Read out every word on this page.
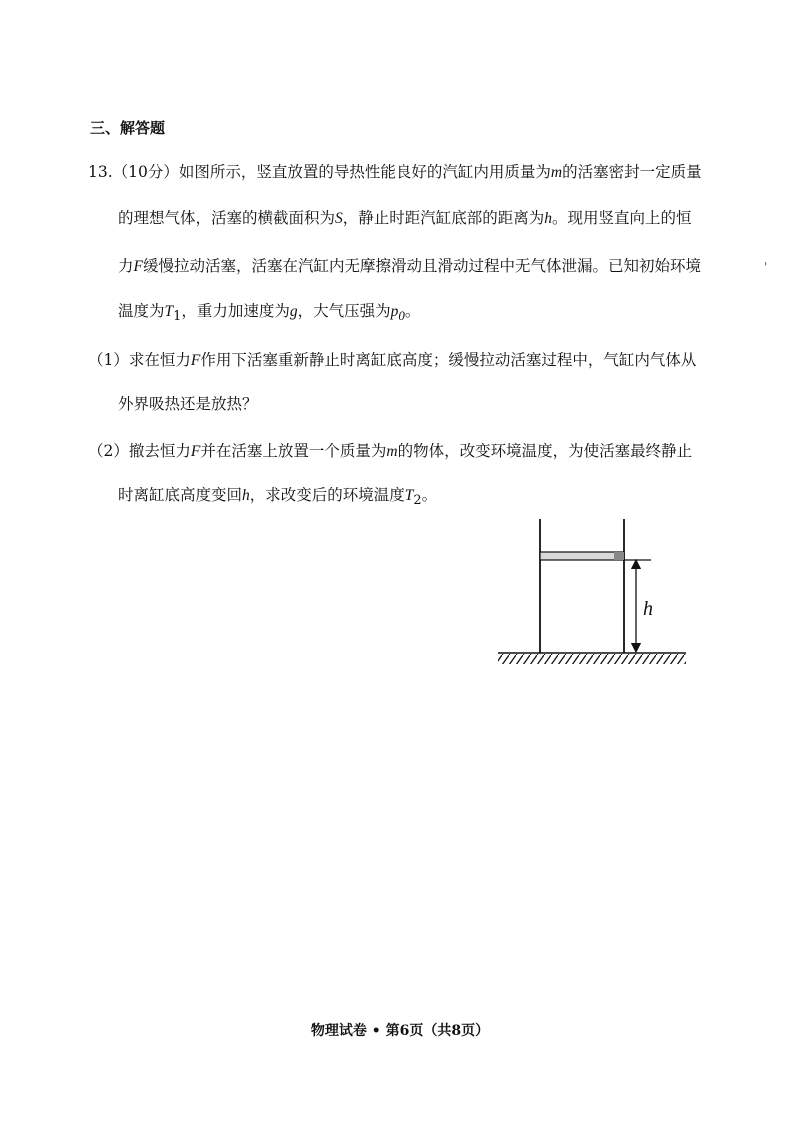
三、解答题
13.（10分）如图所示，竖直放置的导热性能良好的汽缸内用质量为m的活塞密封一定质量
的理想气体，活塞的横截面积为S，静止时距汽缸底部的距离为h。现用竖直向上的恒
力F缓慢拉动活塞，活塞在汽缸内无摩擦滑动且滑动过程中无气体泄漏。已知初始环境
温度为$T_1$，重力加速度为g，大气压强为$p_0$。
（1）求在恒力F作用下活塞重新静止时离缸底高度；缓慢拉动活塞过程中，气缸内气体从
外界吸热还是放热？
（2）撤去恒力F并在活塞上放置一个质量为m的物体，改变环境温度，为使活塞最终静止
时离缸底高度变回h，求改变后的环境温度$T_2$。
'
h
物理试卷 • 第6页（共8页）
